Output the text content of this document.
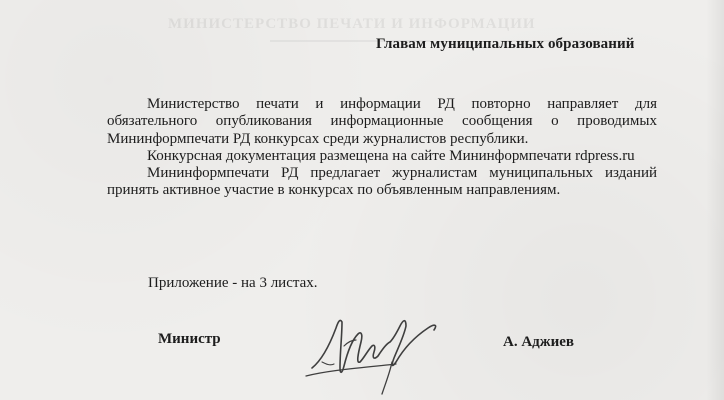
МИНИСТЕРСТВО ПЕЧАТИ И ИНФОРМАЦИИ
Главам муниципальных образований

Министерство печати и информации РД повторно направляет для обязательного опубликования информационные сообщения о проводимых Мининформпечати РД конкурсах среди журналистов республики.

Конкурсная документация размещена на сайте Мининформпечати rdpress.ru

Мининформпечати РД предлагает журналистам муниципальных изданий принять активное участие в конкурсах по объявленным направлениям.

Приложение - на 3 листах.
Министр	А. Аджиев
